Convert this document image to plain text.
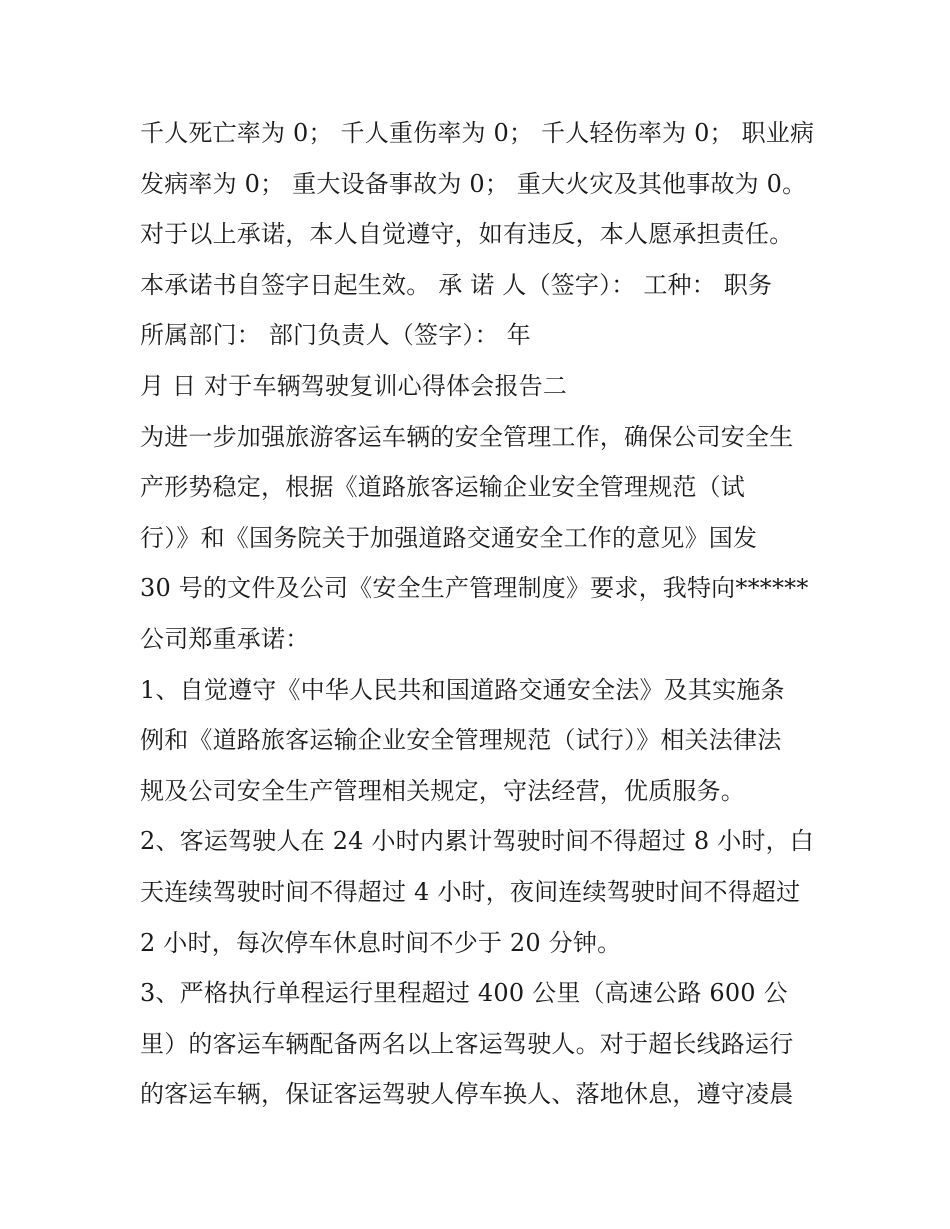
千人死亡率为 0； 千人重伤率为 0； 千人轻伤率为 0； 职业病
发病率为 0； 重大设备事故为 0； 重大火灾及其他事故为 0。
对于以上承诺，本人自觉遵守，如有违反，本人愿承担责任。
本承诺书自签字日起生效。 承 诺 人（签字）： 工种： 职务
所属部门： 部门负责人（签字）： 年
月 日 对于车辆驾驶复训心得体会报告二
为进一步加强旅游客运车辆的安全管理工作，确保公司安全生
产形势稳定，根据《道路旅客运输企业安全管理规范（试
行）》和《国务院关于加强道路交通安全工作的意见》国发
30 号的文件及公司《安全生产管理制度》要求，我特向******
公司郑重承诺：
1、自觉遵守《中华人民共和国道路交通安全法》及其实施条
例和《道路旅客运输企业安全管理规范（试行）》相关法律法
规及公司安全生产管理相关规定，守法经营，优质服务。
2、客运驾驶人在 24 小时内累计驾驶时间不得超过 8 小时，白
天连续驾驶时间不得超过 4 小时，夜间连续驾驶时间不得超过
2 小时，每次停车休息时间不少于 20 分钟。
3、严格执行单程运行里程超过 400 公里（高速公路 600 公
里）的客运车辆配备两名以上客运驾驶人。对于超长线路运行
的客运车辆，保证客运驾驶人停车换人、落地休息，遵守凌晨
